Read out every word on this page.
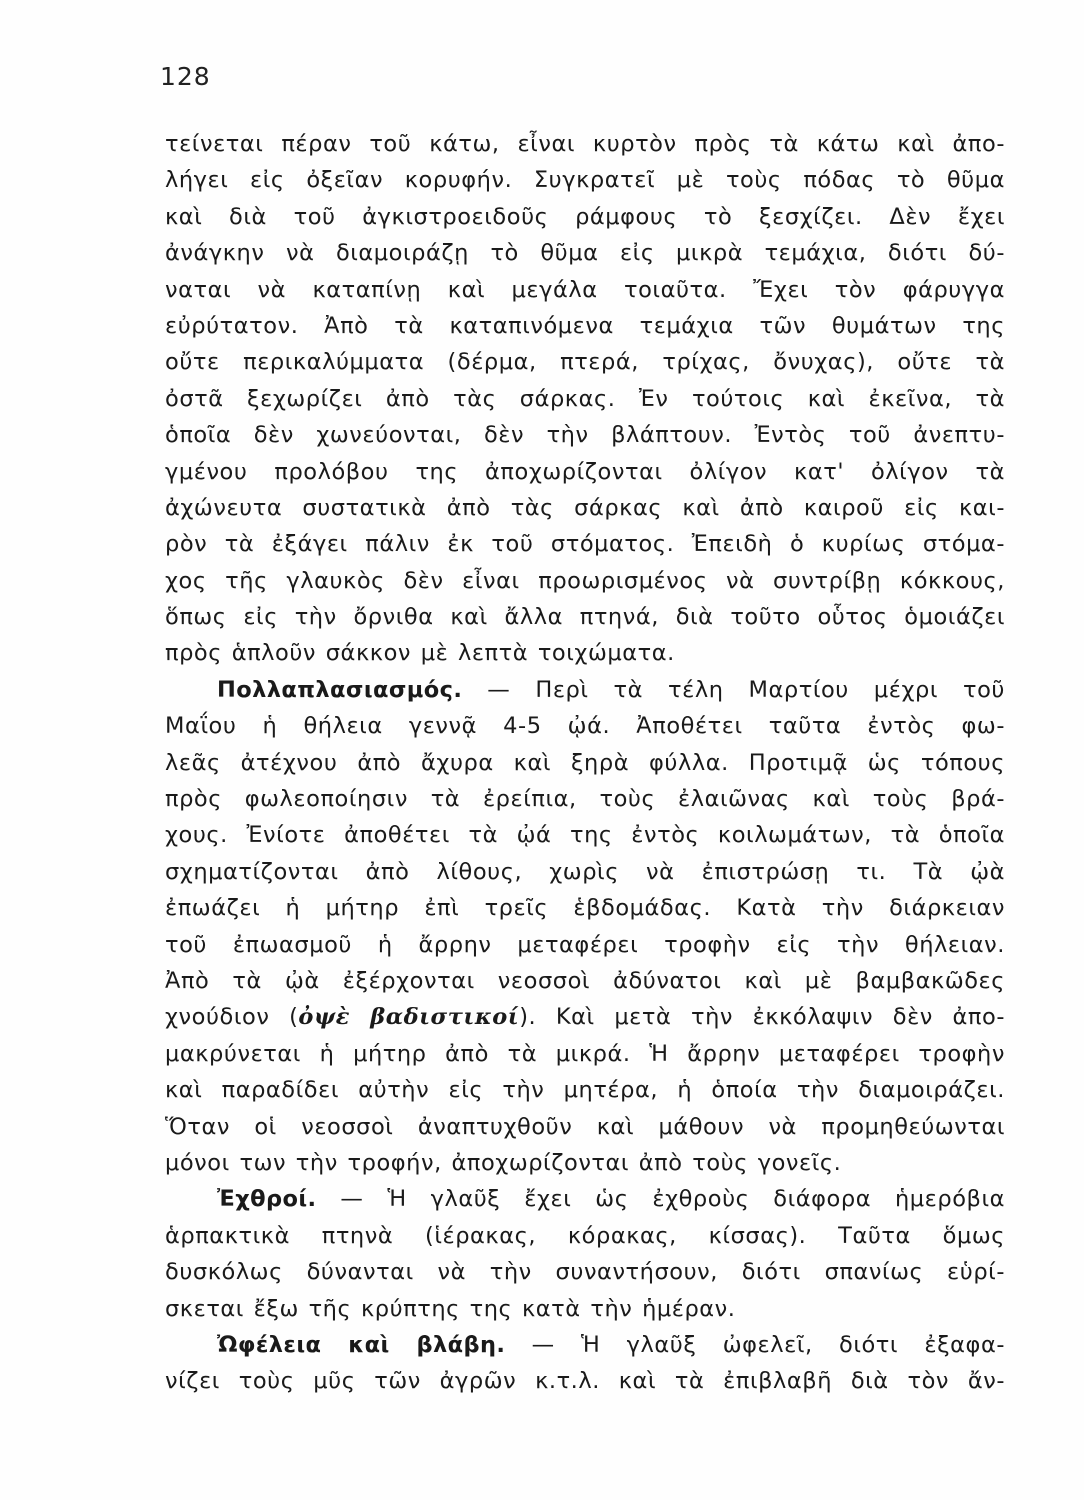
128
τείνεται πέραν τοῦ κάτω, εἶναι κυρτὸν πρὸς τὰ κάτω καὶ ἀπο-
λήγει εἰς ὀξεῖαν κορυφήν. Συγκρατεῖ μὲ τοὺς πόδας τὸ θῦμα
καὶ διὰ τοῦ ἀγκιστροειδοῦς ράμφους τὸ ξεσχίζει. Δὲν ἔχει
ἀνάγκην νὰ διαμοιράζῃ τὸ θῦμα εἰς μικρὰ τεμάχια, διότι δύ-
ναται νὰ καταπίνῃ καὶ μεγάλα τοιαῦτα. Ἔχει τὸν φάρυγγα
εὐρύτατον. Ἀπὸ τὰ καταπινόμενα τεμάχια τῶν θυμάτων της
οὔτε περικαλύμματα (δέρμα, πτερά, τρίχας, ὄνυχας), οὔτε τὰ
ὀστᾶ ξεχωρίζει ἀπὸ τὰς σάρκας. Ἐν τούτοις καὶ ἐκεῖνα, τὰ
ὁποῖα δὲν χωνεύονται, δὲν τὴν βλάπτουν. Ἐντὸς τοῦ ἀνεπτυ-
γμένου προλόβου της ἀποχωρίζονται ὀλίγον κατ' ὀλίγον τὰ
ἀχώνευτα συστατικὰ ἀπὸ τὰς σάρκας καὶ ἀπὸ καιροῦ εἰς και-
ρὸν τὰ ἐξάγει πάλιν ἐκ τοῦ στόματος. Ἐπειδὴ ὁ κυρίως στόμα-
χος τῆς γλαυκὸς δὲν εἶναι προωρισμένος νὰ συντρίβῃ κόκκους,
ὅπως εἰς τὴν ὄρνιθα καὶ ἄλλα πτηνά, διὰ τοῦτο οὗτος ὁμοιάζει
πρὸς ἁπλοῦν σάκκον μὲ λεπτὰ τοιχώματα.
Πολλαπλασιασμός. — Περὶ τὰ τέλη Μαρτίου μέχρι τοῦ
Μαΐου ἡ θήλεια γεννᾷ 4-5 ᾠά. Ἀποθέτει ταῦτα ἐντὸς φω-
λεᾶς ἀτέχνου ἀπὸ ἄχυρα καὶ ξηρὰ φύλλα. Προτιμᾷ ὡς τόπους
πρὸς φωλεοποίησιν τὰ ἐρείπια, τοὺς ἐλαιῶνας καὶ τοὺς βρά-
χους. Ἐνίοτε ἀποθέτει τὰ ᾠά της ἐντὸς κοιλωμάτων, τὰ ὁποῖα
σχηματίζονται ἀπὸ λίθους, χωρὶς νὰ ἐπιστρώσῃ τι. Τὰ ᾠὰ
ἐπωάζει ἡ μήτηρ ἐπὶ τρεῖς ἑβδομάδας. Κατὰ τὴν διάρκειαν
τοῦ ἐπωασμοῦ ἡ ἄρρην μεταφέρει τροφὴν εἰς τὴν θήλειαν.
Ἀπὸ τὰ ᾠὰ ἐξέρχονται νεοσσοὶ ἀδύνατοι καὶ μὲ βαμβακῶδες
χνούδιον (ὀψὲ βαδιστικοί). Καὶ μετὰ τὴν ἐκκόλαψιν δὲν ἀπο-
μακρύνεται ἡ μήτηρ ἀπὸ τὰ μικρά. Ἡ ἄρρην μεταφέρει τροφὴν
καὶ παραδίδει αὐτὴν εἰς τὴν μητέρα, ἡ ὁποία τὴν διαμοιράζει.
Ὅταν οἱ νεοσσοὶ ἀναπτυχθοῦν καὶ μάθουν νὰ προμηθεύωνται
μόνοι των τὴν τροφήν, ἀποχωρίζονται ἀπὸ τοὺς γονεῖς.
Ἐχθροί. — Ἡ γλαῦξ ἔχει ὡς ἐχθροὺς διάφορα ἡμερόβια
ἁρπακτικὰ πτηνὰ (ἱέρακας, κόρακας, κίσσας). Ταῦτα ὅμως
δυσκόλως δύνανται νὰ τὴν συναντήσουν, διότι σπανίως εὑρί-
σκεται ἔξω τῆς κρύπτης της κατὰ τὴν ἡμέραν.
Ὠφέλεια καὶ βλάβη. — Ἡ γλαῦξ ὠφελεῖ, διότι ἐξαφα-
νίζει τοὺς μῦς τῶν ἀγρῶν κ.τ.λ. καὶ τὰ ἐπιβλαβῆ διὰ τὸν ἄν-
